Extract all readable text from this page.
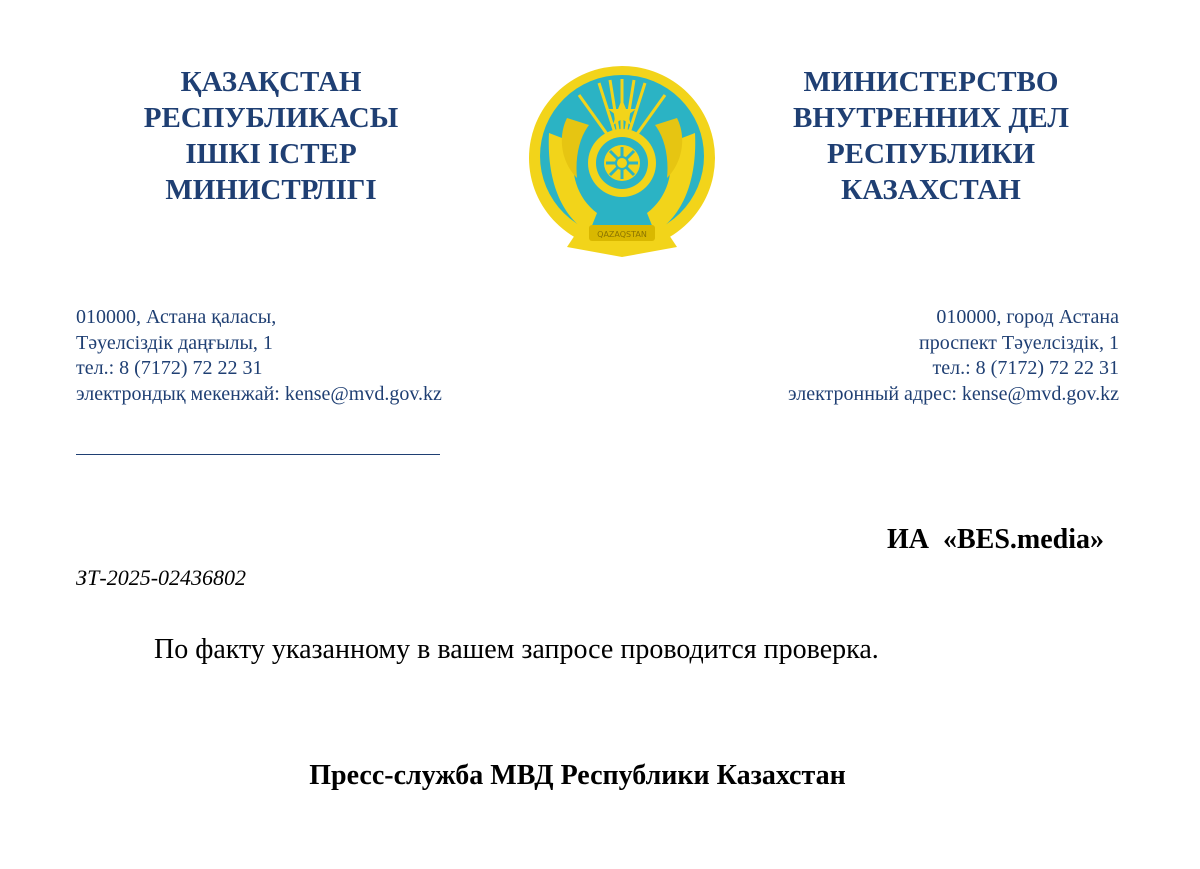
ҚАЗАҚСТАН
РЕСПУБЛИКАСЫ
ІШКІ ІСТЕР
МИНИСТРЛІГІ
QAZAQSTAN
МИНИСТЕРСТВО
ВНУТРЕННИХ ДЕЛ
РЕСПУБЛИКИ
КАЗАХСТАН
010000, Астана қаласы,
Тәуелсіздік даңғылы, 1
тел.: 8 (7172) 72 22 31
электрондық мекенжай: kense@mvd.gov.kz
010000, город Астана
проспект Тәуелсіздік, 1
тел.: 8 (7172) 72 22 31
электронный адрес: kense@mvd.gov.kz
ИА  «BES.media»
ЗТ-2025-02436802
По факту указанному в вашем запросе проводится проверка.
Пресс-служба МВД Республики Казахстан
